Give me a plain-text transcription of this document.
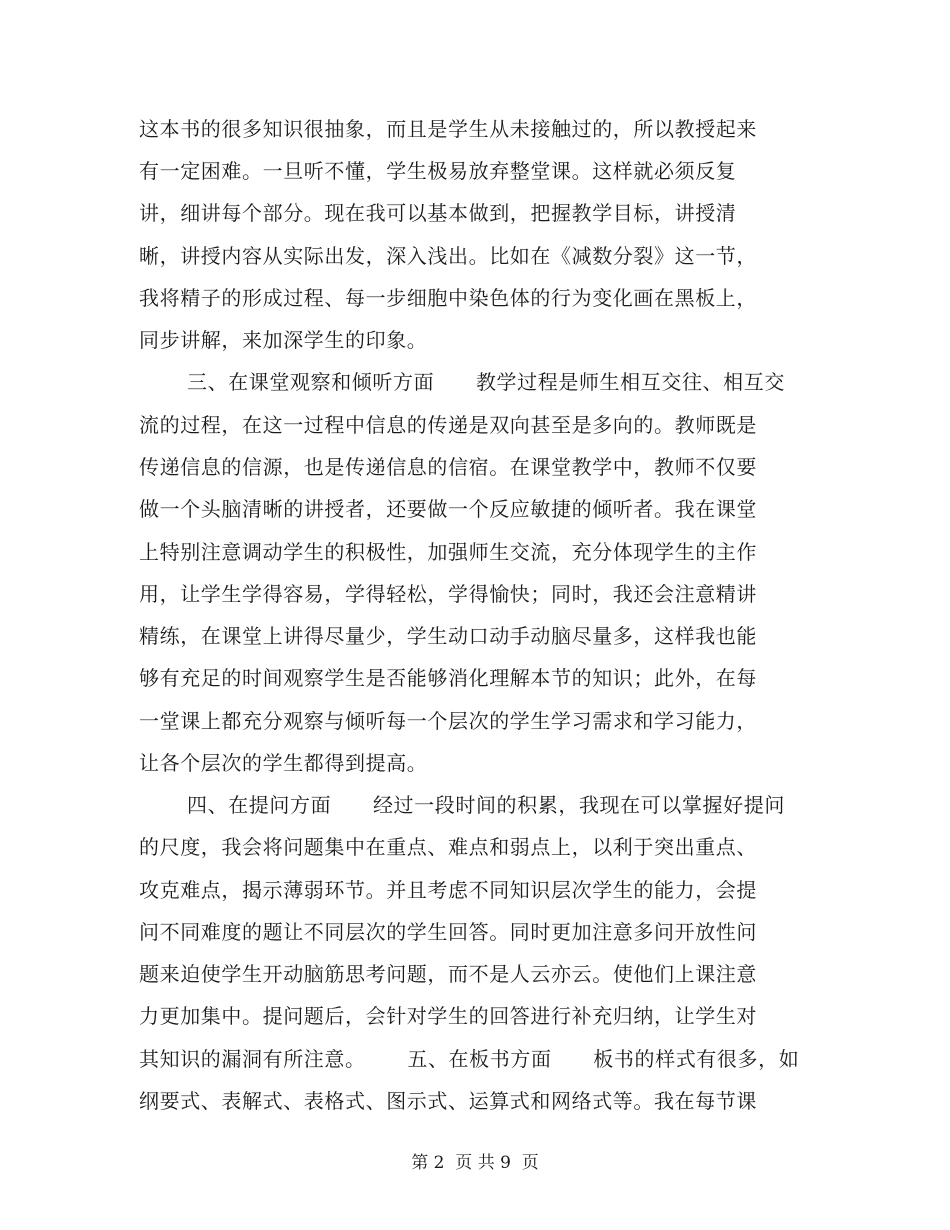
这本书的很多知识很抽象，而且是学生从未接触过的，所以教授起来
有一定困难。一旦听不懂，学生极易放弃整堂课。这样就必须反复
讲，细讲每个部分。现在我可以基本做到，把握教学目标，讲授清
晰，讲授内容从实际出发，深入浅出。比如在《减数分裂》这一节，
我将精子的形成过程、每一步细胞中染色体的行为变化画在黑板上，
同步讲解，来加深学生的印象。
三、在课堂观察和倾听方面      教学过程是师生相互交往、相互交
流的过程，在这一过程中信息的传递是双向甚至是多向的。教师既是
传递信息的信源，也是传递信息的信宿。在课堂教学中，教师不仅要
做一个头脑清晰的讲授者，还要做一个反应敏捷的倾听者。我在课堂
上特别注意调动学生的积极性，加强师生交流，充分体现学生的主作
用，让学生学得容易，学得轻松，学得愉快；同时，我还会注意精讲
精练，在课堂上讲得尽量少，学生动口动手动脑尽量多，这样我也能
够有充足的时间观察学生是否能够消化理解本节的知识；此外，在每
一堂课上都充分观察与倾听每一个层次的学生学习需求和学习能力，
让各个层次的学生都得到提高。
四、在提问方面      经过一段时间的积累，我现在可以掌握好提问
的尺度，我会将问题集中在重点、难点和弱点上，以利于突出重点、
攻克难点，揭示薄弱环节。并且考虑不同知识层次学生的能力，会提
问不同难度的题让不同层次的学生回答。同时更加注意多问开放性问
题来迫使学生开动脑筋思考问题，而不是人云亦云。使他们上课注意
力更加集中。提问题后，会针对学生的回答进行补充归纳，让学生对
其知识的漏洞有所注意。      五、在板书方面      板书的样式有很多，如
纲要式、表解式、表格式、图示式、运算式和网络式等。我在每节课
第 2  页 共 9  页
